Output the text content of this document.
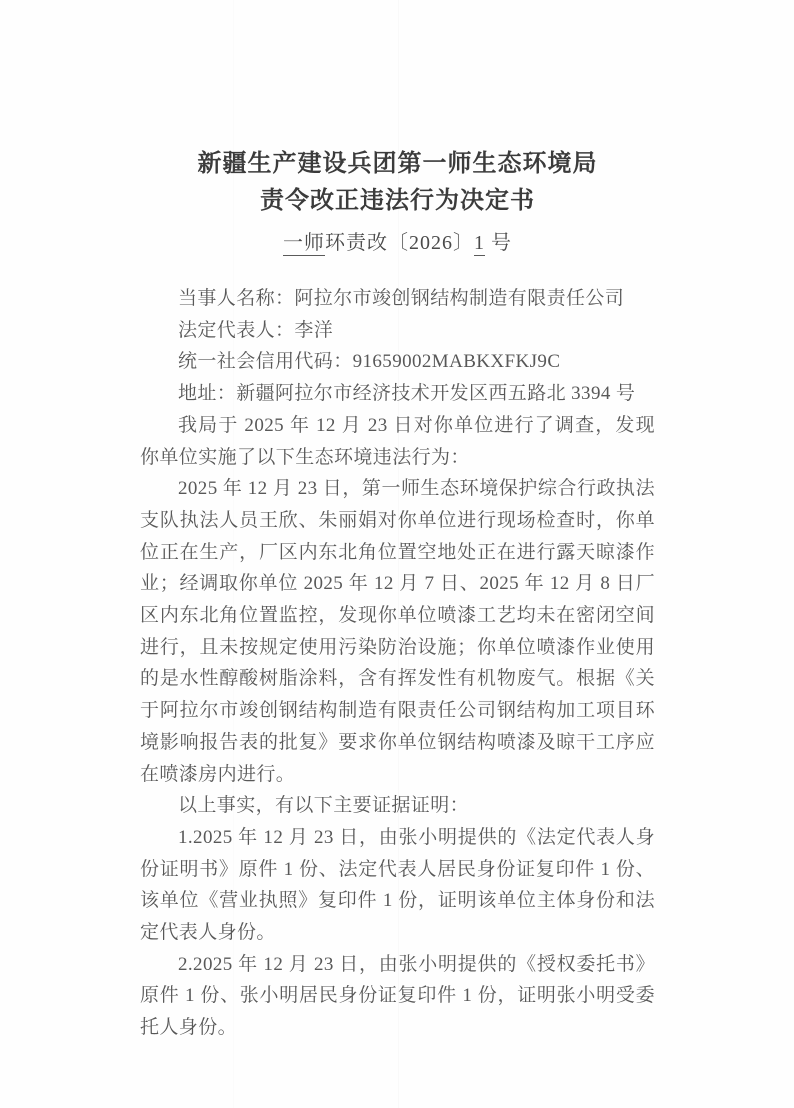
新疆生产建设兵团第一师生态环境局
责令改正违法行为决定书
一师环责改〔2026〕1 号

当事人名称：阿拉尔市竣创钢结构制造有限责任公司

法定代表人：李洋

统一社会信用代码：91659002MABKXFKJ9C

地址：新疆阿拉尔市经济技术开发区西五路北 3394 号

我局于 2025 年 12 月 23 日对你单位进行了调查，发现你单位实施了以下生态环境违法行为：

2025 年 12 月 23 日，第一师生态环境保护综合行政执法支队执法人员王欣、朱丽娟对你单位进行现场检查时，你单位正在生产，厂区内东北角位置空地处正在进行露天晾漆作业；经调取你单位 2025 年 12 月 7 日、2025 年 12 月 8 日厂区内东北角位置监控，发现你单位喷漆工艺均未在密闭空间进行，且未按规定使用污染防治设施；你单位喷漆作业使用的是水性醇酸树脂涂料，含有挥发性有机物废气。根据《关于阿拉尔市竣创钢结构制造有限责任公司钢结构加工项目环境影响报告表的批复》要求你单位钢结构喷漆及晾干工序应在喷漆房内进行。

以上事实，有以下主要证据证明：

1.2025 年 12 月 23 日，由张小明提供的《法定代表人身份证明书》原件 1 份、法定代表人居民身份证复印件 1 份、该单位《营业执照》复印件 1 份，证明该单位主体身份和法定代表人身份。

2.2025 年 12 月 23 日，由张小明提供的《授权委托书》原件 1 份、张小明居民身份证复印件 1 份，证明张小明受委托人身份。
